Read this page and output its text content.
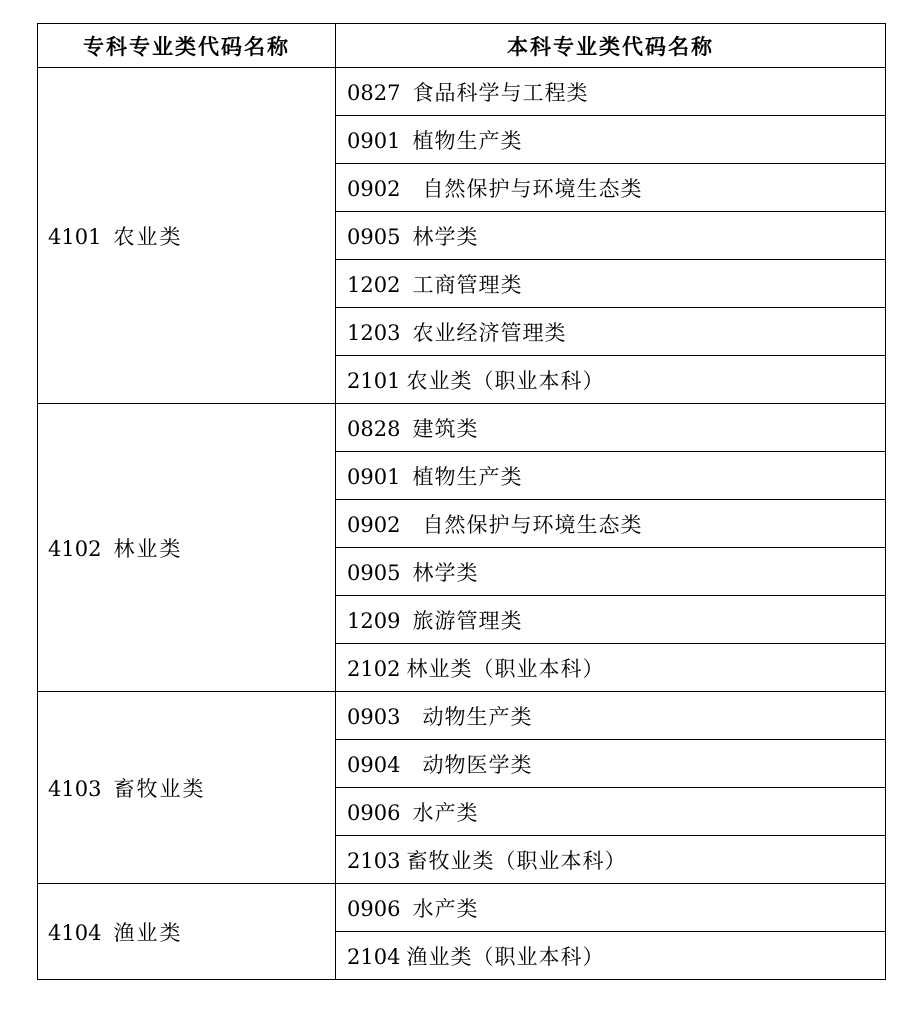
专科专业类代码名称	本科专业类代码名称
4101 农业类	0827 食品科学与工程类
	0901 植物生产类
	0902 自然保护与环境生态类
	0905 林学类
	1202 工商管理类
	1203 农业经济管理类
	2101 农业类（职业本科）
4102 林业类	0828 建筑类
	0901 植物生产类
	0902 自然保护与环境生态类
	0905 林学类
	1209 旅游管理类
	2102 林业类（职业本科）
4103 畜牧业类	0903 动物生产类
	0904 动物医学类
	0906 水产类
	2103 畜牧业类（职业本科）
4104 渔业类	0906 水产类
	2104 渔业类（职业本科）
